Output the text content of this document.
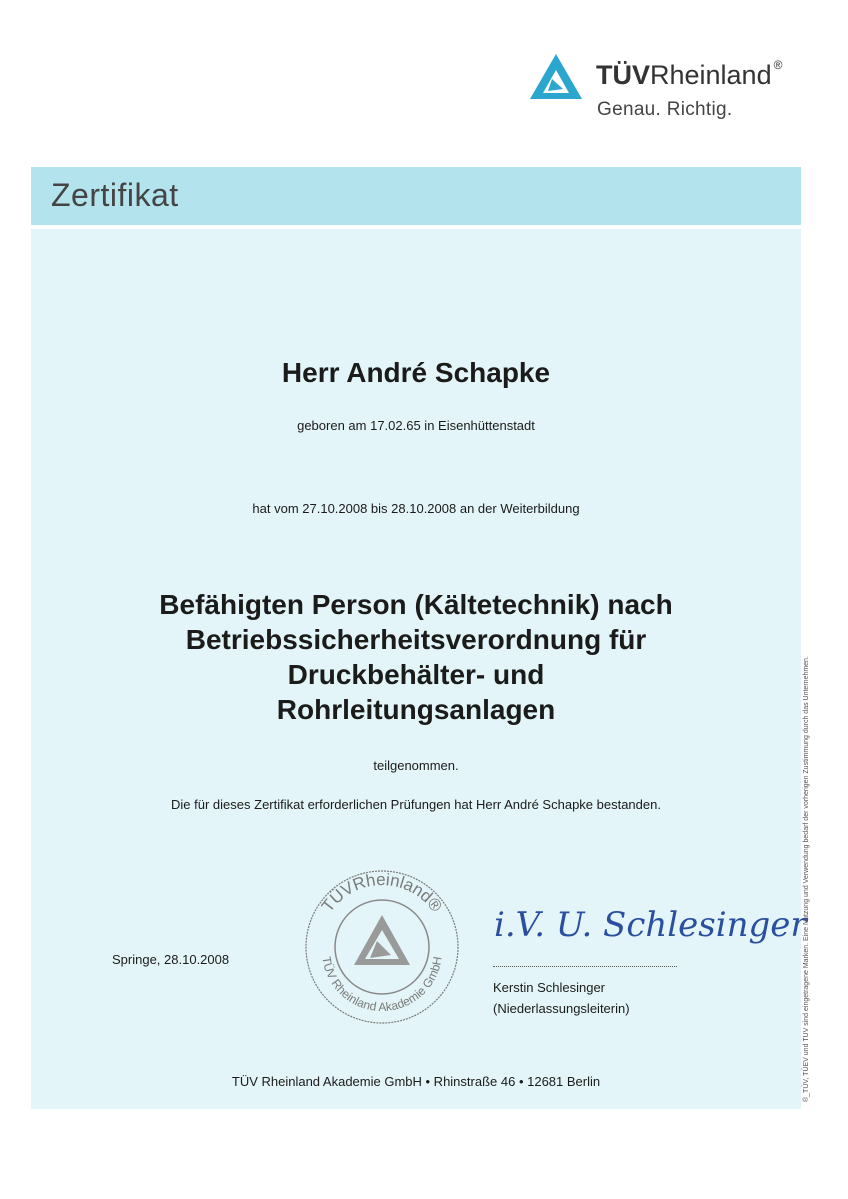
TÜVRheinland ®
Genau. Richtig.
Zertifikat
Herr André Schapke
geboren am 17.02.65 in Eisenhüttenstadt
hat vom 27.10.2008 bis 28.10.2008 an der Weiterbildung
Befähigten Person (Kältetechnik) nach
Betriebssicherheitsverordnung für
Druckbehälter- und
Rohrleitungsanlagen
teilgenommen.
Die für dieses Zertifikat erforderlichen Prüfungen hat Herr André Schapke bestanden.
Springe, 28.10.2008
TÜVRheinland®
TÜV Rheinland Akademie GmbH
i.V. U. Schlesinger
Kerstin Schlesinger
(Niederlassungsleiterin)
TÜV Rheinland Akademie GmbH • Rhinstraße 46 • 12681 Berlin	®_TÜV, TÜEV und TUV sind eingetragene Marken. Eine Nutzung und Verwendung bedarf der vorherigen Zustimmung durch das Unternehmen.
